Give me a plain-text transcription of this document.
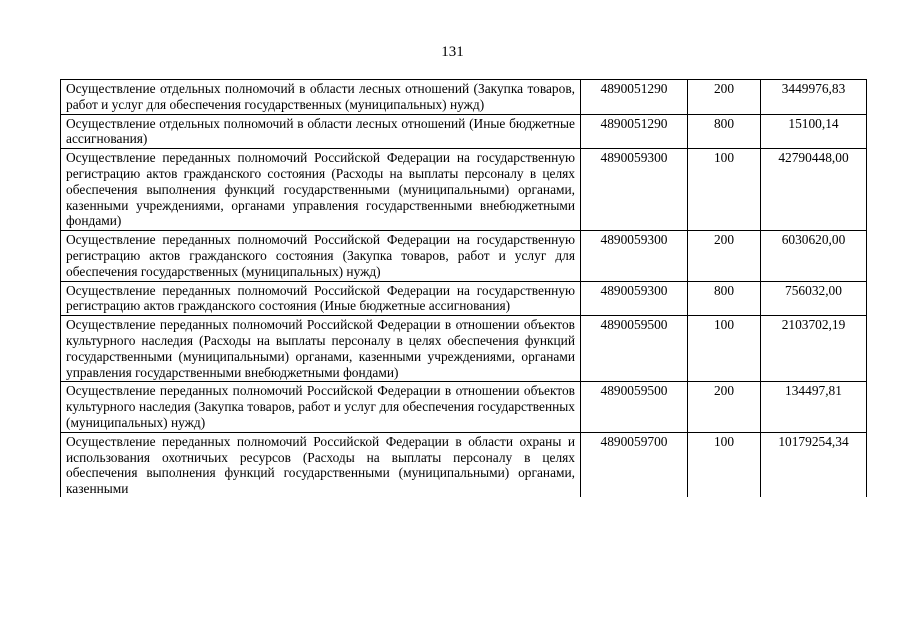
131
Осуществление отдельных полномочий в области лесных отношений (Закупка товаров, работ и услуг для обеспечения государственных (муниципальных) нужд)	4890051290	200	3449976,83
Осуществление отдельных полномочий в области лесных отношений (Иные бюджетные ассигнования)	4890051290	800	15100,14
Осуществление переданных полномочий Российской Федерации на государственную регистрацию актов гражданского состояния (Расходы на выплаты персоналу в целях обеспечения выполнения функций государственными (муниципальными) органами, казенными учреждениями, органами управления государственными внебюджетными фондами)	4890059300	100	42790448,00
Осуществление переданных полномочий Российской Федерации на государственную регистрацию актов гражданского состояния (Закупка товаров, работ и услуг для обеспечения государственных (муниципальных) нужд)	4890059300	200	6030620,00
Осуществление переданных полномочий Российской Федерации на государственную регистрацию актов гражданского состояния (Иные бюджетные ассигнования)	4890059300	800	756032,00
Осуществление переданных полномочий Российской Федерации в отношении объектов культурного наследия (Расходы на выплаты персоналу в целях обеспечения функций государственными (муниципальными) органами, казенными учреждениями, органами управления государственными внебюджетными фондами)	4890059500	100	2103702,19
Осуществление переданных полномочий Российской Федерации в отношении объектов культурного наследия (Закупка товаров, работ и услуг для обеспечения государственных (муниципальных) нужд)	4890059500	200	134497,81

Осуществление переданных полномочий Российской Федерации в области охраны и использования охотничьих ресурсов (Расходы на выплаты персоналу в целях обеспечения выполнения функций государственными (муниципальными) органами, казенными	4890059700	100	10179254,34
